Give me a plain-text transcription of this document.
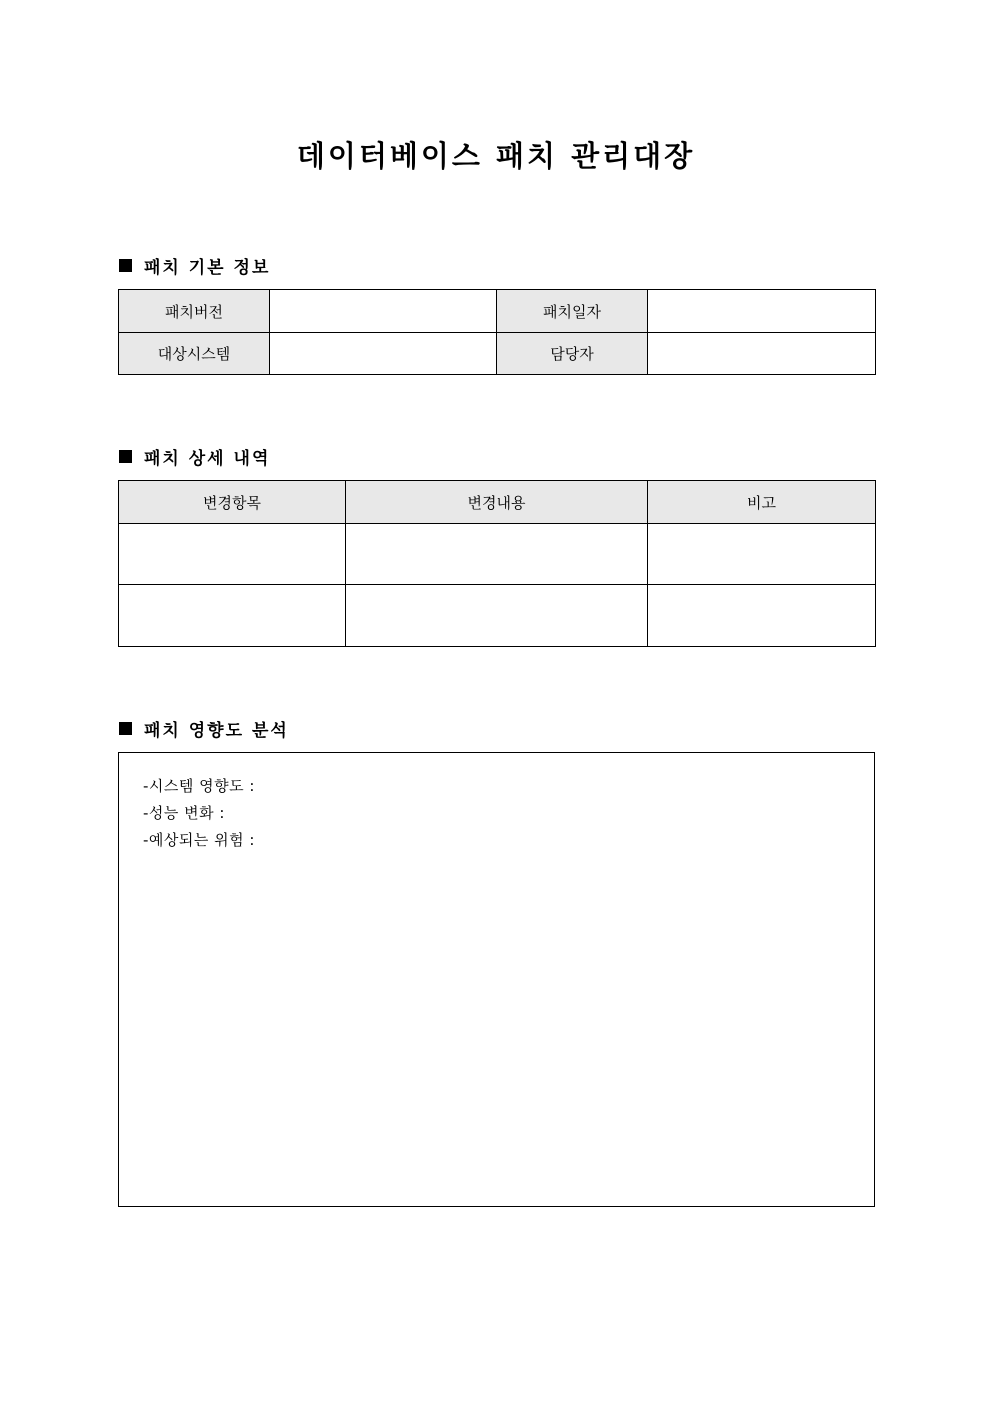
데이터베이스 패치 관리대장
패치 기본 정보
패치버전		패치일자	
대상시스템		담당자	
패치 상세 내역
변경항목	변경내용	비고

패치 영향도 분석
-시스템 영향도 :
-성능 변화 :
-예상되는 위험 :
